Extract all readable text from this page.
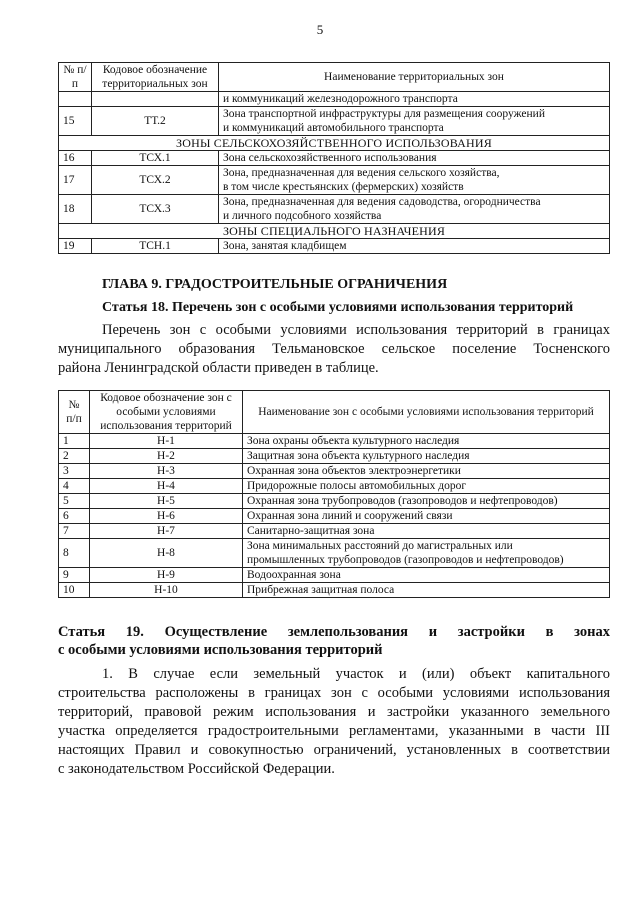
5
№ п/п	Кодовое обозначение территориальных зон	Наименование территориальных зон

		и коммуникаций железнодорожного транспорта

15	ТТ.2	Зона транспортной инфраструктуры для размещения сооружений
и коммуникаций автомобильного транспорта

ЗОНЫ СЕЛЬСКОХОЗЯЙСТВЕННОГО ИСПОЛЬЗОВАНИЯ		
16	ТСХ.1	Зона сельскохозяйственного использования

17	ТСХ.2	Зона, предназначенная для ведения сельского хозяйства,
в том числе крестьянских (фермерских) хозяйств

18	ТСХ.3	Зона, предназначенная для ведения садоводства, огородничества
и личного подсобного хозяйства

ЗОНЫ СПЕЦИАЛЬНОГО НАЗНАЧЕНИЯ		
19	ТСН.1	Зона, занятая кладбищем
ГЛАВА 9. ГРАДОСТРОИТЕЛЬНЫЕ ОГРАНИЧЕНИЯ
Статья 18. Перечень зон с особыми условиями использования территорий
Перечень зон с особыми условиями использования территорий в границах
муниципального образования Тельмановское сельское поселение Тосненского
района Ленинградской области приведен в таблице.
№ п/п	Кодовое обозначение зон с особыми условиями использования территорий	Наименование зон с особыми условиями использования территорий
1	Н-1	Зона охраны объекта культурного наследия

2	Н-2	Защитная зона объекта культурного наследия

3	Н-3	Охранная зона объектов электроэнергетики

4	Н-4	Придорожные полосы автомобильных дорог

5	Н-5	Охранная зона трубопроводов (газопроводов и нефтепроводов)

6	Н-6	Охранная зона линий и сооружений связи

7	Н-7	Санитарно-защитная зона

8	Н-8	Зона минимальных расстояний до магистральных или
промышленных трубопроводов (газопроводов и нефтепроводов)

9	Н-9	Водоохранная зона

10	Н-10	Прибрежная защитная полоса
Статья 19. Осуществление землепользования и застройки в зонах
с особыми условиями использования территорий
1. В случае если земельный участок и (или) объект капитального
строительства расположены в границах зон с особыми условиями использования
территорий, правовой режим использования и застройки указанного земельного
участка определяется градостроительными регламентами, указанными в части III
настоящих Правил и совокупностью ограничений, установленных в соответствии
с законодательством Российской Федерации.
